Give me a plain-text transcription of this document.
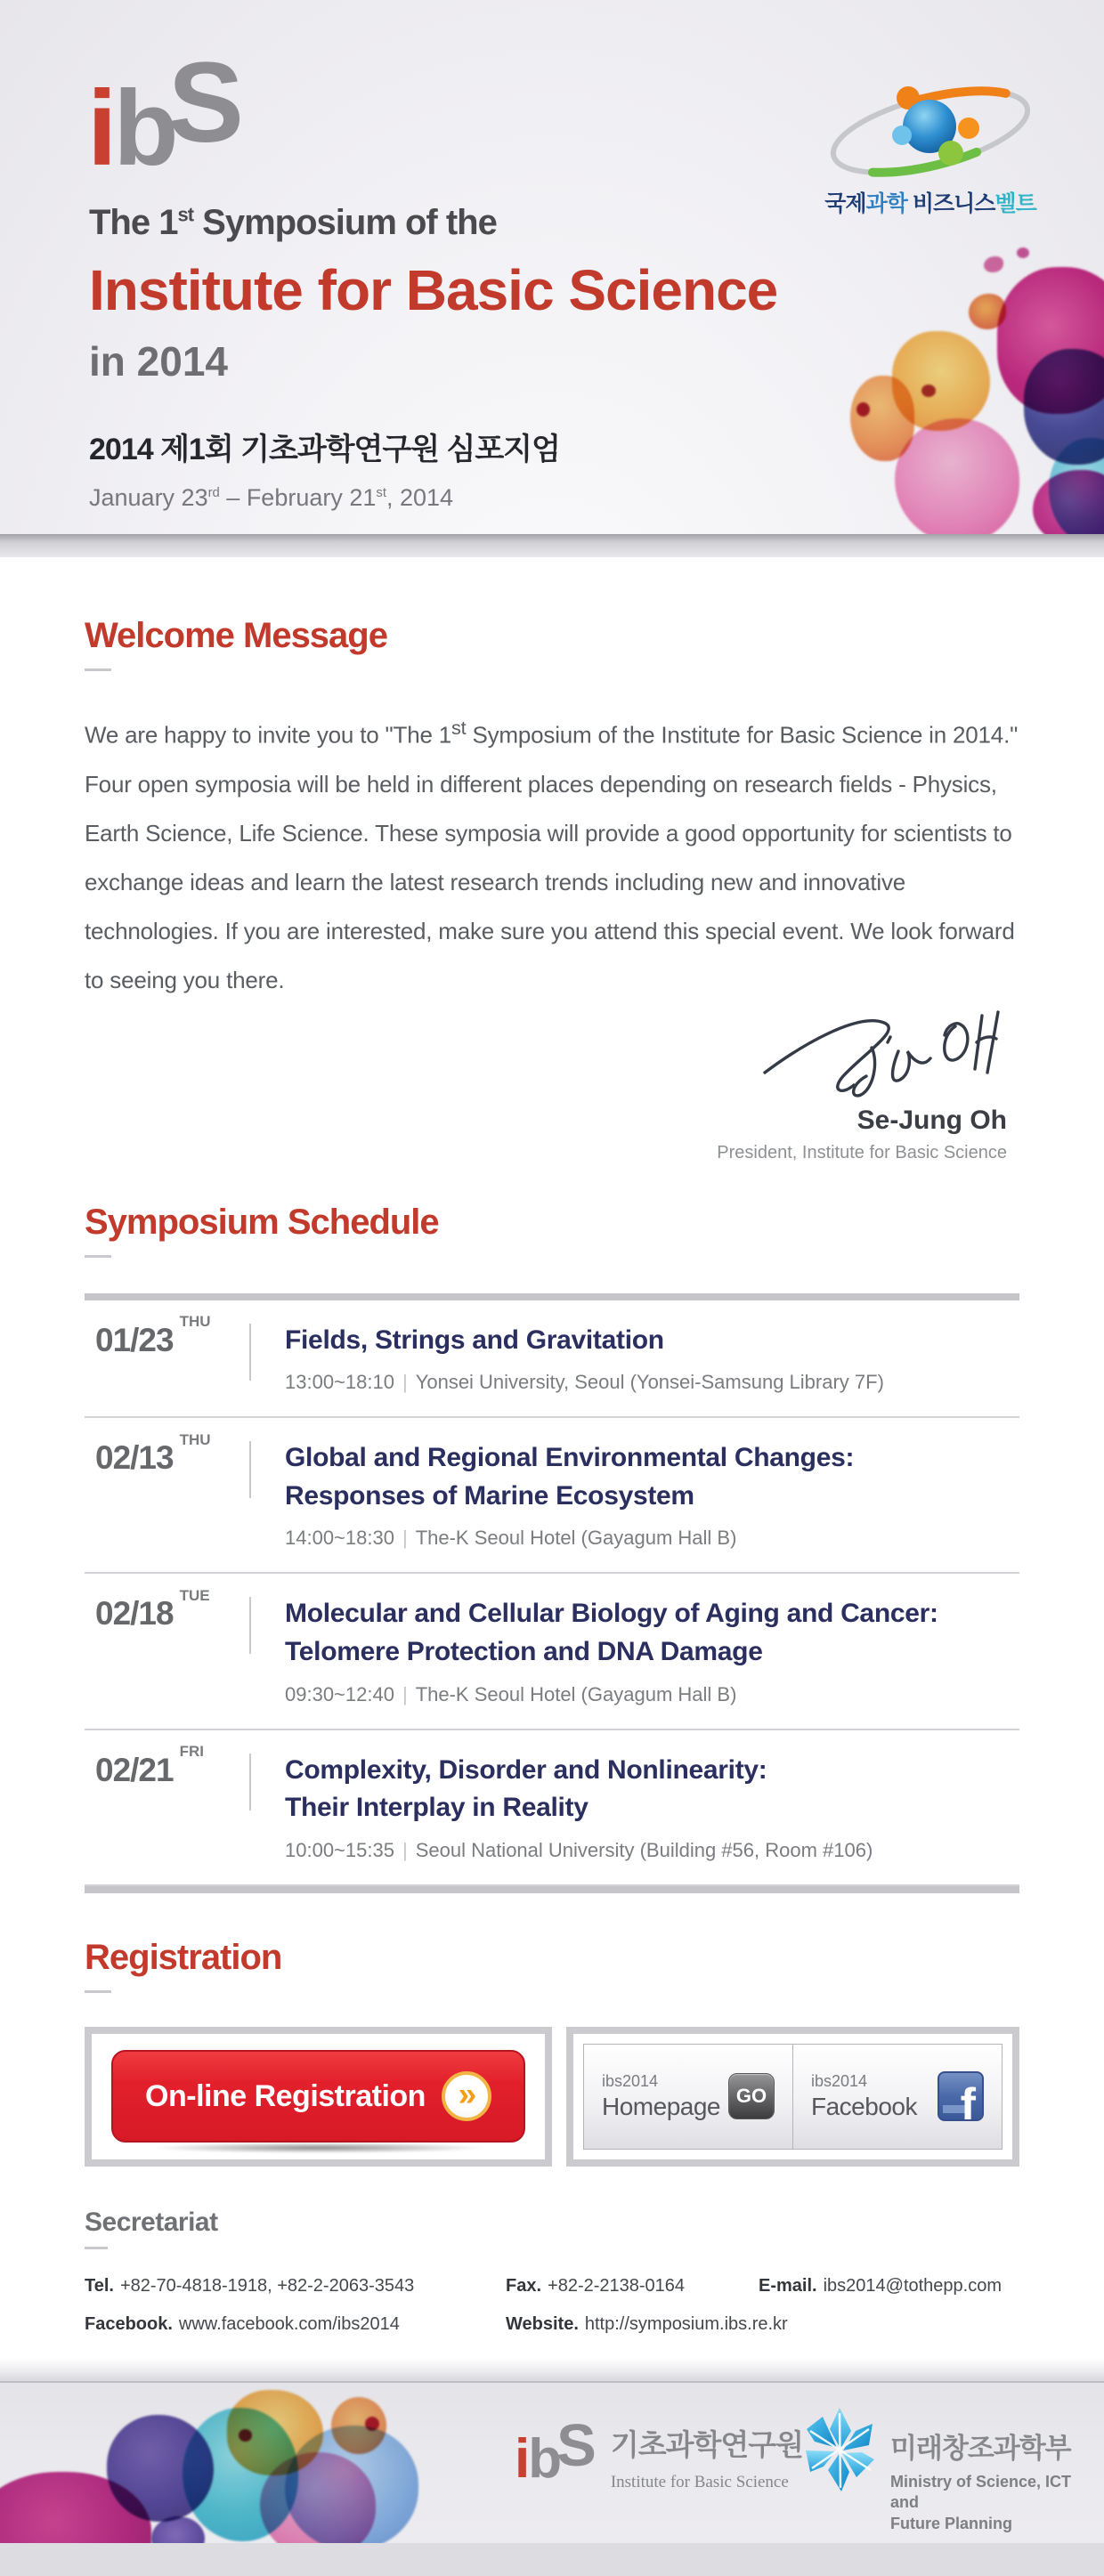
ibS
국제과학 비즈니스벨트
The 1st Symposium of the
Institute for Basic Science
in 2014
2014 제1회 기초과학연구원 심포지엄
January 23rd – February 21st, 2014
Welcome Message

We are happy to invite you to "The 1st Symposium of the Institute for Basic Science in 2014." Four open symposia will be held in different places depending on research fields - Physics, Earth Science, Life Science. These symposia will provide a good opportunity for scientists to exchange ideas and learn the latest research trends including new and innovative technologies. If you are interested, make sure you attend this special event. We look forward to seeing you there.

Se-Jung Oh
President, Institute for Basic Science
Symposium Schedule
01/23 $^{THU}$
Fields, Strings and Gravitation
13:00~18:10 | Yonsei University, Seoul (Yonsei-Samsung Library 7F)
02/13 $^{THU}$
Global and Regional Environmental Changes:
Responses of Marine Ecosystem
14:00~18:30 | The-K Seoul Hotel (Gayagum Hall B)
02/18 $^{TUE}$
Molecular and Cellular Biology of Aging and Cancer:
Telomere Protection and DNA Damage
09:30~12:40 | The-K Seoul Hotel (Gayagum Hall B)
02/21 $^{FRI}$
Complexity, Disorder and Nonlinearity:
Their Interplay in Reality
10:00~15:35 | Seoul National University (Building #56, Room #106)
Registration
On-line Registration »	ibs2014
Homepage GO
ibs2014
Facebook f
Secretariat
Tel. +82-70-4818-1918, +82-2-2063-3543	Fax. +82-2-2138-0164	E-mail. ibs2014@tothepp.com
Facebook. www.facebook.com/ibs2014	Website. http://symposium.ibs.re.kr
ibS 기초과학연구원
Institute for Basic Science
미래창조과학부
Ministry of Science, ICT and
Future Planning
